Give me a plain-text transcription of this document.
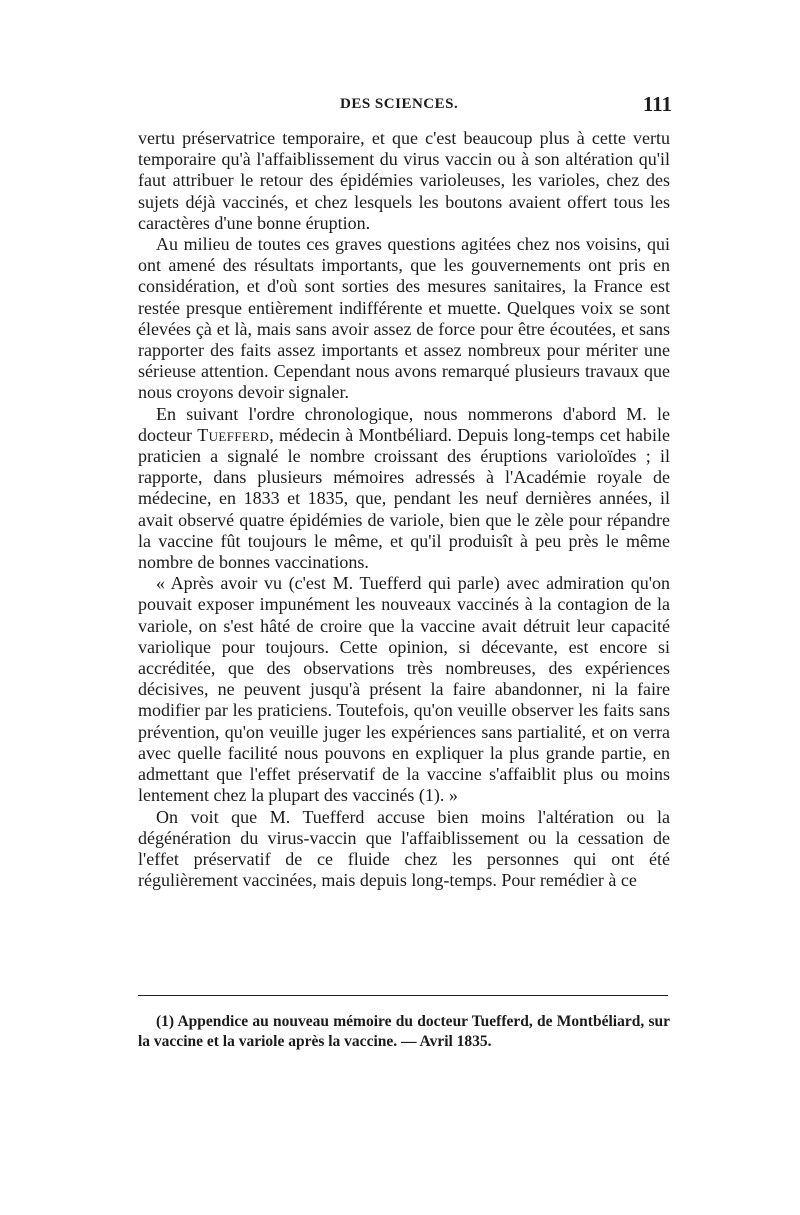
DES SCIENCES.	111

vertu préservatrice temporaire, et que c'est beaucoup plus à cette vertu temporaire qu'à l'affaiblissement du virus vaccin ou à son altération qu'il faut attribuer le retour des épidémies varioleuses, les varioles, chez des sujets déjà vaccinés, et chez lesquels les boutons avaient offert tous les caractères d'une bonne éruption.

Au milieu de toutes ces graves questions agitées chez nos voisins, qui ont amené des résultats importants, que les gouvernements ont pris en considération, et d'où sont sorties des mesures sanitaires, la France est restée presque entièrement indifférente et muette. Quelques voix se sont élevées çà et là, mais sans avoir assez de force pour être écoutées, et sans rapporter des faits assez importants et assez nombreux pour mériter une sérieuse attention. Cependant nous avons remarqué plusieurs travaux que nous croyons devoir signaler.

En suivant l'ordre chronologique, nous nommerons d'abord M. le docteur Tuefferd, médecin à Montbéliard. Depuis long-temps cet habile praticien a signalé le nombre croissant des éruptions varioloïdes ; il rapporte, dans plusieurs mémoires adressés à l'Académie royale de médecine, en 1833 et 1835, que, pendant les neuf dernières années, il avait observé quatre épidémies de variole, bien que le zèle pour répandre la vaccine fût toujours le même, et qu'il produisît à peu près le même nombre de bonnes vaccinations.

« Après avoir vu (c'est M. Tuefferd qui parle) avec admiration qu'on pouvait exposer impunément les nouveaux vaccinés à la contagion de la variole, on s'est hâté de croire que la vaccine avait détruit leur capacité variolique pour toujours. Cette opinion, si décevante, est encore si accréditée, que des observations très nombreuses, des expériences décisives, ne peuvent jusqu'à présent la faire abandonner, ni la faire modifier par les praticiens. Toutefois, qu'on veuille observer les faits sans prévention, qu'on veuille juger les expériences sans partialité, et on verra avec quelle facilité nous pouvons en expliquer la plus grande partie, en admettant que l'effet préservatif de la vaccine s'affaiblit plus ou moins lentement chez la plupart des vaccinés (1). »

On voit que M. Tuefferd accuse bien moins l'altération ou la dégénération du virus-vaccin que l'affaiblissement ou la cessation de l'effet préservatif de ce fluide chez les personnes qui ont été régulièrement vaccinées, mais depuis long-temps. Pour remédier à ce

(1) Appendice au nouveau mémoire du docteur Tuefferd, de Montbéliard, sur la vaccine et la variole après la vaccine. — Avril 1835.
